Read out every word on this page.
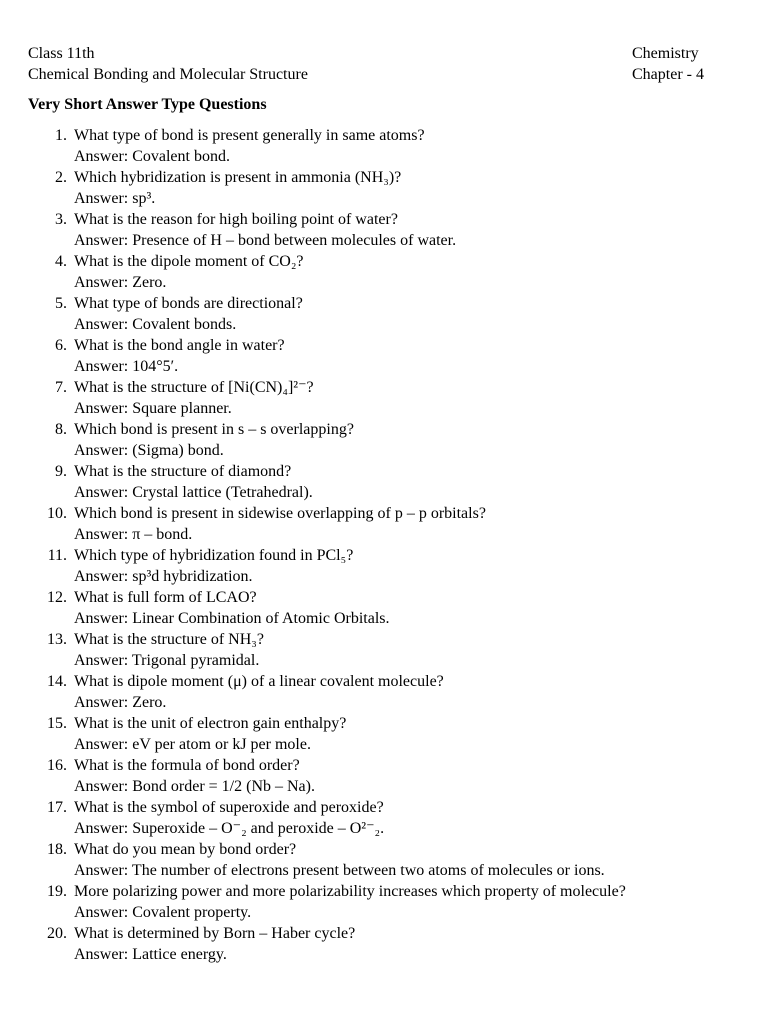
Class 11th
Chemical Bonding and Molecular Structure
Chemistry
Chapter - 4
Very Short Answer Type Questions
1. What type of bond is present generally in same atoms?
Answer: Covalent bond.
2. Which hybridization is present in ammonia (NH₃)?
Answer: sp³.
3. What is the reason for high boiling point of water?
Answer: Presence of H – bond between molecules of water.
4. What is the dipole moment of CO₂?
Answer: Zero.
5. What type of bonds are directional?
Answer: Covalent bonds.
6. What is the bond angle in water?
Answer: 104°5′.
7. What is the structure of [Ni(CN)₄]²⁻?
Answer: Square planner.
8. Which bond is present in s – s overlapping?
Answer: (Sigma) bond.
9. What is the structure of diamond?
Answer: Crystal lattice (Tetrahedral).
10. Which bond is present in sidewise overlapping of p – p orbitals?
Answer: π – bond.
11. Which type of hybridization found in PCl₅?
Answer: sp³d hybridization.
12. What is full form of LCAO?
Answer: Linear Combination of Atomic Orbitals.
13. What is the structure of NH₃?
Answer: Trigonal pyramidal.
14. What is dipole moment (μ) of a linear covalent molecule?
Answer: Zero.
15. What is the unit of electron gain enthalpy?
Answer: eV per atom or kJ per mole.
16. What is the formula of bond order?
Answer: Bond order = 1/2 (Nb – Na).
17. What is the symbol of superoxide and peroxide?
Answer: Superoxide – O⁻₂ and peroxide – O²⁻₂.
18. What do you mean by bond order?
Answer: The number of electrons present between two atoms of molecules or ions.
19. More polarizing power and more polarizability increases which property of molecule?
Answer: Covalent property.
20. What is determined by Born – Haber cycle?
Answer: Lattice energy.
